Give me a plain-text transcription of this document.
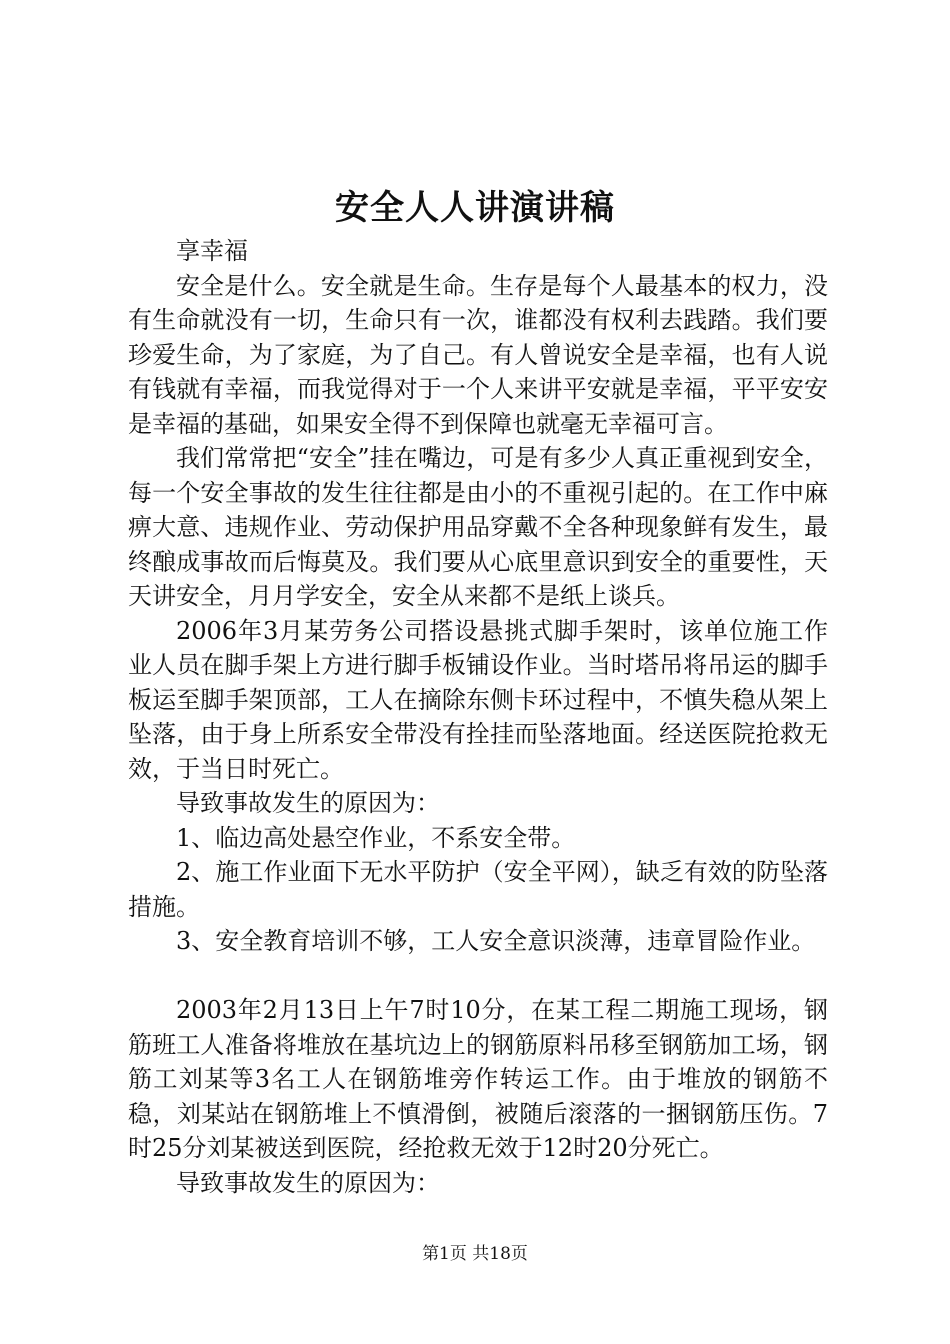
安全人人讲演讲稿

享幸福

安全是什么。安全就是生命。生存是每个人最基本的权力，没有生命就没有一切，生命只有一次，谁都没有权利去践踏。我们要珍爱生命，为了家庭，为了自己。有人曾说安全是幸福，也有人说有钱就有幸福，而我觉得对于一个人来讲平安就是幸福，平平安安是幸福的基础，如果安全得不到保障也就毫无幸福可言。

我们常常把“安全”挂在嘴边，可是有多少人真正重视到安全，每一个安全事故的发生往往都是由小的不重视引起的。在工作中麻痹大意、违规作业、劳动保护用品穿戴不全各种现象鲜有发生，最终酿成事故而后悔莫及。我们要从心底里意识到安全的重要性，天天讲安全，月月学安全，安全从来都不是纸上谈兵。

2006年3月某劳务公司搭设悬挑式脚手架时，该单位施工作业人员在脚手架上方进行脚手板铺设作业。当时塔吊将吊运的脚手板运至脚手架顶部，工人在摘除东侧卡环过程中，不慎失稳从架上坠落，由于身上所系安全带没有拴挂而坠落地面。经送医院抢救无效，于当日时死亡。

导致事故发生的原因为：

1、临边高处悬空作业，不系安全带。

2、施工作业面下无水平防护（安全平网），缺乏有效的防坠落措施。

3、安全教育培训不够，工人安全意识淡薄，违章冒险作业。

2003年2月13日上午7时10分，在某工程二期施工现场，钢筋班工人准备将堆放在基坑边上的钢筋原料吊移至钢筋加工场，钢筋工刘某等3名工人在钢筋堆旁作转运工作。由于堆放的钢筋不稳，刘某站在钢筋堆上不慎滑倒，被随后滚落的一捆钢筋压伤。7时25分刘某被送到医院，经抢救无效于12时20分死亡。

导致事故发生的原因为：

第1页 共18页
